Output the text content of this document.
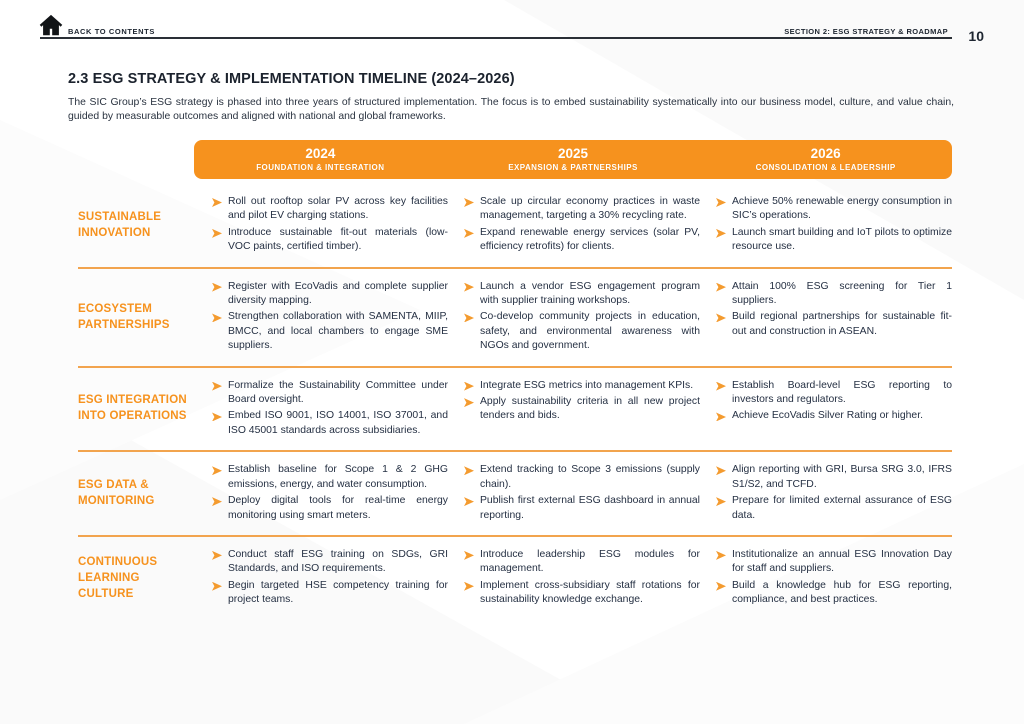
BACK TO CONTENTS	SECTION 2: ESG STRATEGY & ROADMAP 10
2.3 ESG STRATEGY & IMPLEMENTATION TIMELINE (2024–2026)
The SIC Group’s ESG strategy is phased into three years of structured implementation. The focus is to embed sustainability systematically into our business model, culture, and value chain, guided by measurable outcomes and aligned with national and global frameworks.
2024
FOUNDATION & INTEGRATION
2025
EXPANSION & PARTNERSHIPS
2026
CONSOLIDATION & LEADERSHIP
SUSTAINABLE INNOVATION
Roll out rooftop solar PV across key facilities and pilot EV charging stations.
Introduce sustainable fit-out materials (low-VOC paints, certified timber).
Scale up circular economy practices in waste management, targeting a 30% recycling rate.
Expand renewable energy services (solar PV, efficiency retrofits) for clients.
Achieve 50% renewable energy consumption in SIC’s operations.
Launch smart building and IoT pilots to optimize resource use.
ECOSYSTEM PARTNERSHIPS
Register with EcoVadis and complete supplier diversity mapping.
Strengthen collaboration with SAMENTA, MIIP, BMCC, and local chambers to engage SME suppliers.
Launch a vendor ESG engagement program with supplier training workshops.
Co-develop community projects in education, safety, and environmental awareness with NGOs and government.
Attain 100% ESG screening for Tier 1 suppliers.
Build regional partnerships for sustainable fit-out and construction in ASEAN.
ESG INTEGRATION INTO OPERATIONS
Formalize the Sustainability Committee under Board oversight.
Embed ISO 9001, ISO 14001, ISO 37001, and ISO 45001 standards across subsidiaries.
Integrate ESG metrics into management KPIs.
Apply sustainability criteria in all new project tenders and bids.
Establish Board-level ESG reporting to investors and regulators.
Achieve EcoVadis Silver Rating or higher.
ESG DATA & MONITORING
Establish baseline for Scope 1 & 2 GHG emissions, energy, and water consumption.
Deploy digital tools for real-time energy monitoring using smart meters.
Extend tracking to Scope 3 emissions (supply chain).
Publish first external ESG dashboard in annual reporting.
Align reporting with GRI, Bursa SRG 3.0, IFRS S1/S2, and TCFD.
Prepare for limited external assurance of ESG data.
CONTINUOUS LEARNING CULTURE
Conduct staff ESG training on SDGs, GRI Standards, and ISO requirements.
Begin targeted HSE competency training for project teams.
Introduce leadership ESG modules for management.
Implement cross-subsidiary staff rotations for sustainability knowledge exchange.
Institutionalize an annual ESG Innovation Day for staff and suppliers.
Build a knowledge hub for ESG reporting, compliance, and best practices.
